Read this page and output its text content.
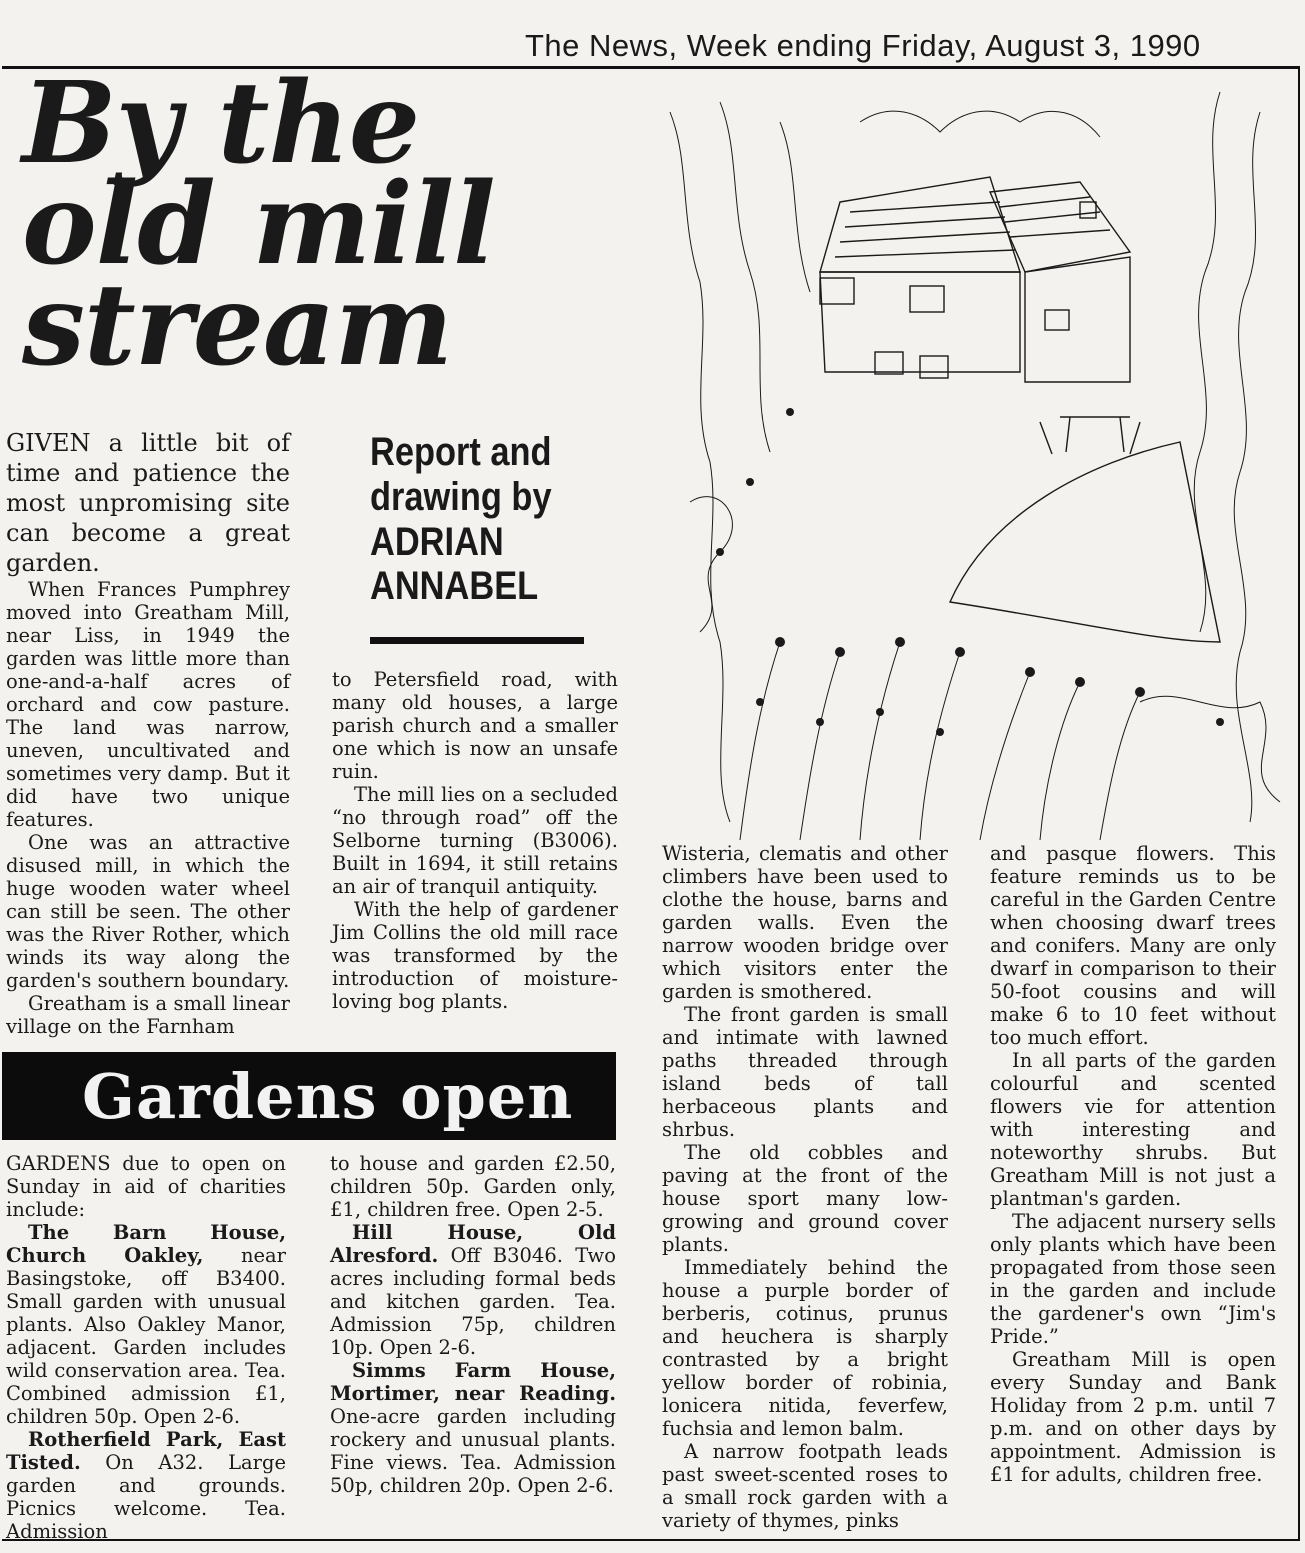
The News, Week ending Friday, August 3, 1990
By the
old mill
stream
Report and
drawing by
ADRIAN
ANNABEL

GIVEN a little bit of time and patience the most unpromising site can become a great garden.

When Frances Pumphrey moved into Greatham Mill, near Liss, in 1949 the garden was little more than one-and-a-half acres of orchard and cow pasture. The land was narrow, uneven, uncultivated and sometimes very damp. But it did have two unique features.

One was an attractive disused mill, in which the huge wooden water wheel can still be seen. The other was the River Rother, which winds its way along the garden's southern boundary.

Greatham is a small linear village on the Farnham

to Petersfield road, with many old houses, a large parish church and a smaller one which is now an unsafe ruin.

The mill lies on a secluded “no through road” off the Selborne turning (B3006). Built in 1694, it still retains an air of tranquil antiquity.

With the help of gardener Jim Collins the old mill race was transformed by the introduction of moisture-loving bog plants.

Wisteria, clematis and other climbers have been used to clothe the house, barns and garden walls. Even the narrow wooden bridge over which visitors enter the garden is smothered.

The front garden is small and intimate with lawned paths threaded through island beds of tall herbaceous plants and shrbus.

The old cobbles and paving at the front of the house sport many low-growing and ground cover plants.

Immediately behind the house a purple border of berberis, cotinus, prunus and heuchera is sharply contrasted by a bright yellow border of robinia, lonicera nitida, feverfew, fuchsia and lemon balm.

A narrow footpath leads past sweet-scented roses to a small rock garden with a variety of thymes, pinks

and pasque flowers. This feature reminds us to be careful in the Garden Centre when choosing dwarf trees and conifers. Many are only dwarf in comparison to their 50-foot cousins and will make 6 to 10 feet without too much effort.

In all parts of the garden colourful and scented flowers vie for attention with interesting and noteworthy shrubs. But Greatham Mill is not just a plantman's garden.

The adjacent nursery sells only plants which have been propagated from those seen in the garden and include the gardener's own “Jim's Pride.”

Greatham Mill is open every Sunday and Bank Holiday from 2 p.m. until 7 p.m. and on other days by appointment. Admission is £1 for adults, children free.

Gardens open

GARDENS due to open on Sunday in aid of charities include:

The Barn House, Church Oakley, near Basingstoke, off B3400. Small garden with unusual plants. Also Oakley Manor, adjacent. Garden includes wild conservation area. Tea. Combined admission £1, children 50p. Open 2-6.

Rotherfield Park, East Tisted. On A32. Large garden and grounds. Picnics welcome. Tea. Admission

to house and garden £2.50, children 50p. Garden only, £1, children free. Open 2-5.

Hill House, Old Alresford. Off B3046. Two acres including formal beds and kitchen garden. Tea. Admission 75p, children 10p. Open 2-6.

Simms Farm House, Mortimer, near Reading. One-acre garden including rockery and unusual plants. Fine views. Tea. Admission 50p, children 20p. Open 2-6.
